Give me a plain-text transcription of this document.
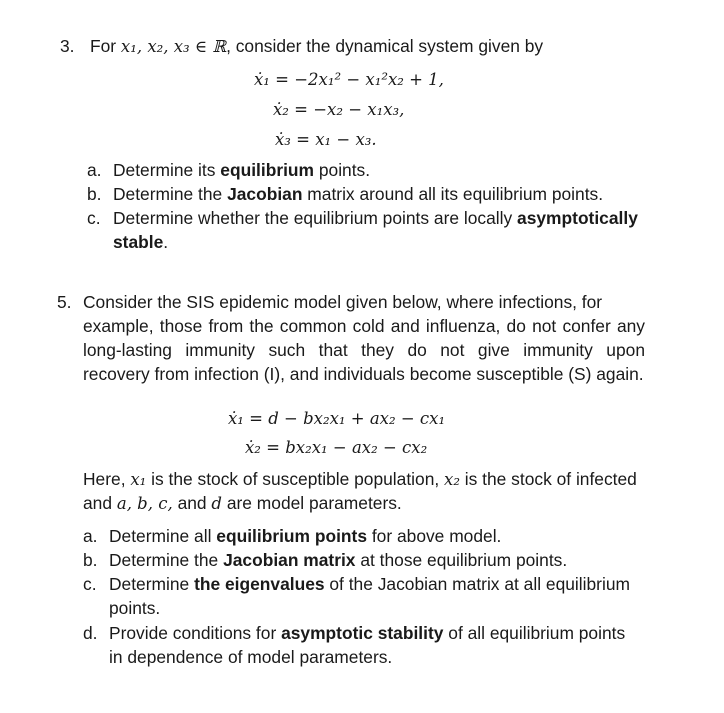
3. For x₁, x₂, x₃ ∈ ℝ, consider the dynamical system given by
ẋ₁ = −2x₁² − x₁²x₂ + 1,
ẋ₂ = −x₂ − x₁x₃,
ẋ₃ = x₁ − x₃.
a. Determine its equilibrium points.
b. Determine the Jacobian matrix around all its equilibrium points.
c. Determine whether the equilibrium points are locally asymptotically
stable.
5. Consider the SIS epidemic model given below, where infections, for
example, those from the common cold and influenza, do not confer any
long-lasting immunity such that they do not give immunity upon
recovery from infection (I), and individuals become susceptible (S) again.
ẋ₁ = d − bx₂x₁ + ax₂ − cx₁
ẋ₂ = bx₂x₁ − ax₂ − cx₂
Here, x₁ is the stock of susceptible population, x₂ is the stock of infected
and a, b, c, and d are model parameters.
a. Determine all equilibrium points for above model.
b. Determine the Jacobian matrix at those equilibrium points.
c. Determine the eigenvalues of the Jacobian matrix at all equilibrium
points.
d. Provide conditions for asymptotic stability of all equilibrium points
in dependence of model parameters.
